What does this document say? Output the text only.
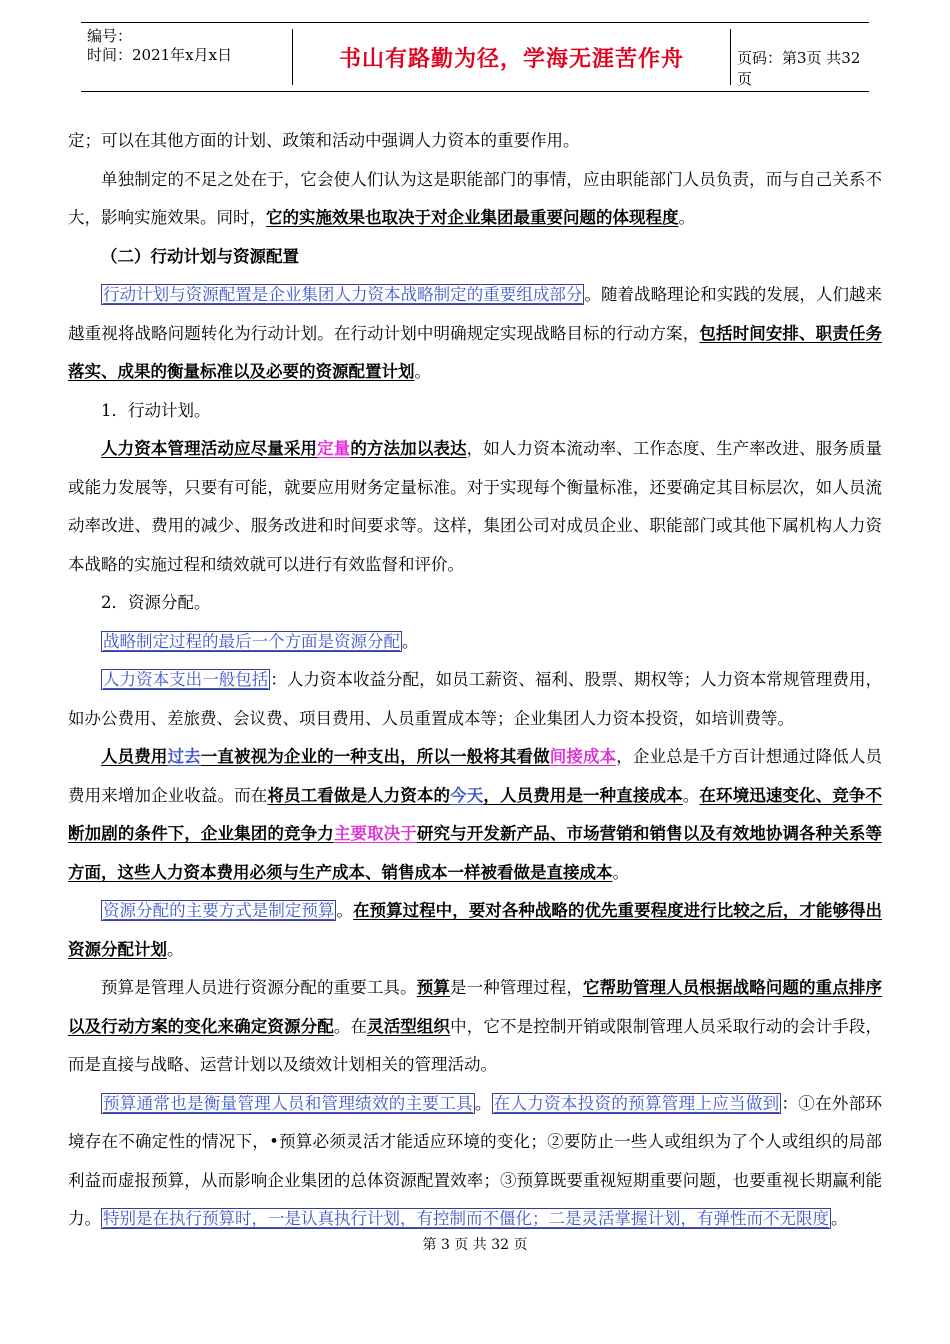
编号：
时间：2021年x月x日	书山有路勤为径，学海无涯苦作舟	页码：第3页 共32页

定；可以在其他方面的计划、政策和活动中强调人力资本的重要作用。

单独制定的不足之处在于，它会使人们认为这是职能部门的事情，应由职能部门人员负责，而与自己关系不大，影响实施效果。同时，它的实施效果也取决于对企业集团最重要问题的体现程度。

（二）行动计划与资源配置

行动计划与资源配置是企业集团人力资本战略制定的重要组成部分 。随着战略理论和实践的发展，人们越来越重视将战略问题转化为行动计划。在行动计划中明确规定实现战略目标的行动方案，包括时间安排、职责任务落实、成果的衡量标准以及必要的资源配置计划。

1．行动计划。

人力资本管理活动应尽量采用定量的方法加以表达，如人力资本流动率、工作态度、生产率改进、服务质量或能力发展等，只要有可能，就要应用财务定量标准。对于实现每个衡量标准，还要确定其目标层次，如人员流动率改进、费用的减少、服务改进和时间要求等。这样，集团公司对成员企业、职能部门或其他下属机构人力资本战略的实施过程和绩效就可以进行有效监督和评价。

2．资源分配。

战略制定过程的最后一个方面是资源分配 。

人力资本支出一般包括 ：人力资本收益分配，如员工薪资、福利、股票、期权等；人力资本常规管理费用，如办公费用、差旅费、会议费、项目费用、人员重置成本等；企业集团人力资本投资，如培训费等。

人员费用过去一直被视为企业的一种支出，所以一般将其看做间接成本，企业总是千方百计想通过降低人员费用来增加企业收益。而在将员工看做是人力资本的今天，人员费用是一种直接成本。在环境迅速变化、竞争不断加剧的条件下，企业集团的竞争力主要取决于研究与开发新产品、市场营销和销售以及有效地协调各种关系等方面，这些人力资本费用必须与生产成本、销售成本一样被看做是直接成本。

资源分配的主要方式是制定预算 。在预算过程中，要对各种战略的优先重要程度进行比较之后，才能够得出资源分配计划。

预算是管理人员进行资源分配的重要工具。预算是一种管理过程，它帮助管理人员根据战略问题的重点排序以及行动方案的变化来确定资源分配。在灵活型组织中，它不是控制开销或限制管理人员采取行动的会计手段，而是直接与战略、运营计划以及绩效计划相关的管理活动。

预算通常也是衡量管理人员和管理绩效的主要工具 。 在人力资本投资的预算管理上应当做到 ：①在外部环境存在不确定性的情况下，•预算必须灵活才能适应环境的变化；②要防止一些人或组织为了个人或组织的局部利益而虚报预算，从而影响企业集团的总体资源配置效率；③预算既要重视短期重要问题，也要重视长期赢利能力。 特别是在执行预算时，一是认真执行计划，有控制而不僵化；二是灵活掌握计划，有弹性而不无限度 。

第 3 页 共 32 页
